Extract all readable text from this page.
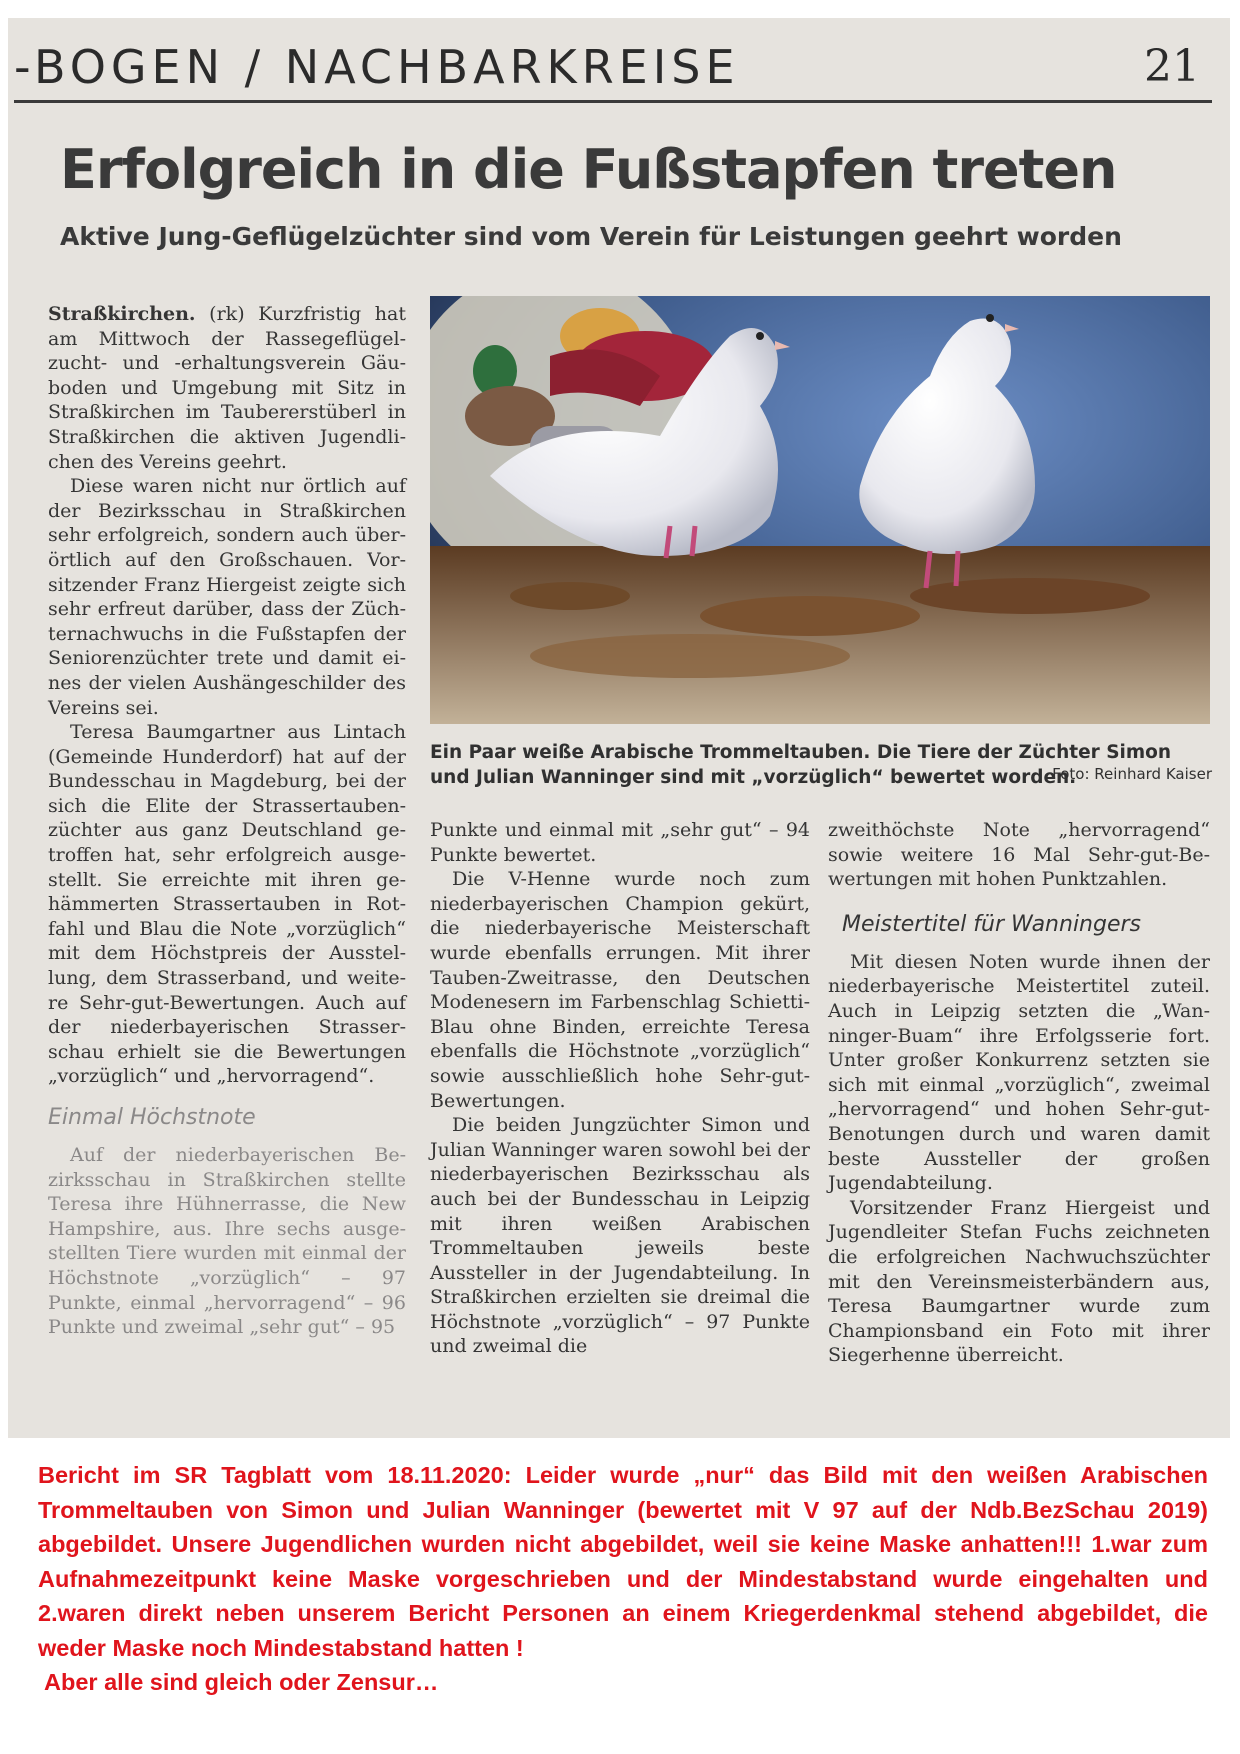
-BOGEN / NACHBARKREISE	21
Erfolgreich in die Fußstapfen treten
Aktive Jung-Geflügelzüchter sind vom Verein für Leistungen geehrt worden

Straßkirchen. (rk) Kurzfristig hat am Mittwoch der Rassegeflügelzucht- und -erhaltungsverein Gäuboden und Umgebung mit Sitz in Straßkirchen im Taubererstüberl in Straßkirchen die aktiven Jugendlichen des Vereins geehrt.

Diese waren nicht nur örtlich auf der Bezirksschau in Straßkirchen sehr erfolgreich, sondern auch überörtlich auf den Großschauen. Vorsitzender Franz Hiergeist zeigte sich sehr erfreut darüber, dass der Züchternachwuchs in die Fußstapfen der Seniorenzüchter trete und damit eines der vielen Aushängeschilder des Vereins sei.

Teresa Baumgartner aus Lintach (Gemeinde Hunderdorf) hat auf der Bundesschau in Magdeburg, bei der sich die Elite der Strassertaubenzüchter aus ganz Deutschland getroffen hat, sehr erfolgreich ausgestellt. Sie erreichte mit ihren gehämmerten Strassertauben in Rotfahl und Blau die Note „vorzüglich“ mit dem Höchstpreis der Ausstellung, dem Strasserband, und weitere Sehr-gut-Bewertungen. Auch auf der niederbayerischen Strasserschau erhielt sie die Bewertungen „vorzüglich“ und „hervorragend“.

Einmal Höchstnote

Auf der niederbayerischen Bezirksschau in Straßkirchen stellte Teresa ihre Hühnerrasse, die New Hampshire, aus. Ihre sechs ausgestellten Tiere wurden mit einmal der Höchstnote „vorzüglich“ – 97 Punkte, einmal „hervorragend“ – 96 Punkte und zweimal „sehr gut“ – 95

Ein Paar weiße Arabische Trommeltauben. Die Tiere der Züchter Simon und Julian Wanninger sind mit „vorzüglich“ bewertet worden.
Foto: Reinhard Kaiser

Punkte und einmal mit „sehr gut“ – 94 Punkte bewertet.

Die V-Henne wurde noch zum niederbayerischen Champion gekürt, die niederbayerische Meisterschaft wurde ebenfalls errungen. Mit ihrer Tauben-Zweitrasse, den Deutschen Modenesern im Farbenschlag Schietti-Blau ohne Binden, erreichte Teresa ebenfalls die Höchstnote „vorzüglich“ sowie ausschließlich hohe Sehr-gut-Bewertungen.

Die beiden Jungzüchter Simon und Julian Wanninger waren sowohl bei der niederbayerischen Bezirksschau als auch bei der Bundesschau in Leipzig mit ihren weißen Arabischen Trommeltauben jeweils beste Aussteller in der Jugendabteilung. In Straßkirchen erzielten sie dreimal die Höchstnote „vorzüglich“ – 97 Punkte und zweimal die

zweithöchste Note „hervorragend“ sowie weitere 16 Mal Sehr-gut-Bewertungen mit hohen Punktzahlen.

Meistertitel für Wanningers

Mit diesen Noten wurde ihnen der niederbayerische Meistertitel zuteil. Auch in Leipzig setzten die „Wanninger-Buam“ ihre Erfolgsserie fort. Unter großer Konkurrenz setzten sie sich mit einmal „vorzüglich“, zweimal „hervorragend“ und hohen Sehr-gut-Benotungen durch und waren damit beste Aussteller der großen Jugendabteilung.

Vorsitzender Franz Hiergeist und Jugendleiter Stefan Fuchs zeichneten die erfolgreichen Nachwuchszüchter mit den Vereinsmeisterbändern aus, Teresa Baumgartner wurde zum Championsband ein Foto mit ihrer Siegerhenne überreicht.

Bericht im SR Tagblatt vom 18.11.2020: Leider wurde „nur“ das Bild mit den weißen Arabischen Trommeltauben von Simon und Julian Wanninger (bewertet mit V 97 auf der Ndb.BezSchau 2019) abgebildet. Unsere Jugendlichen wurden nicht abgebildet, weil sie keine Maske anhatten!!! 1.war zum Aufnahmezeitpunkt keine Maske vorgeschrieben und der Mindestabstand wurde eingehalten und 2.waren direkt neben unserem Bericht Personen an einem Kriegerdenkmal stehend abgebildet, die weder Maske noch Mindestabstand hatten !

Aber alle sind gleich oder Zensur…
